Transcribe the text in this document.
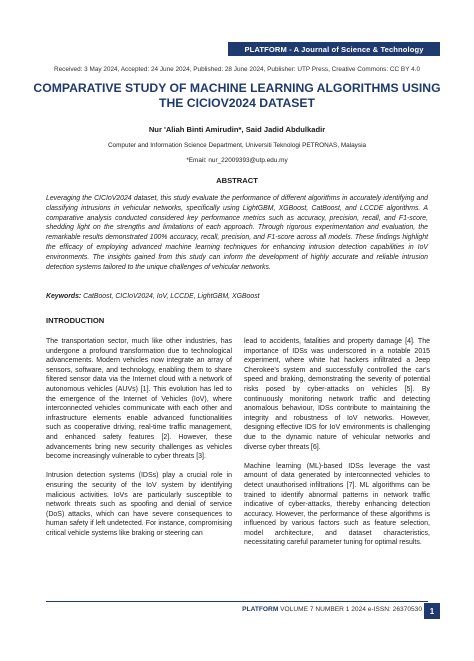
PLATFORM - A Journal of Science & Technology
Received: 3 May 2024, Accepted: 24 June 2024, Published: 28 June 2024, Publisher: UTP Press, Creative Commons: CC BY 4.0
COMPARATIVE STUDY OF MACHINE LEARNING ALGORITHMS USING THE CICIOV2024 DATASET
Nur 'Aliah Binti Amirudin*, Said Jadid Abdulkadir
Computer and Information Science Department, Universiti Teknologi PETRONAS, Malaysia
*Email: nur_22009393@utp.edu.my
ABSTRACT
Leveraging the CICIoV2024 dataset, this study evaluate the performance of different algorithms in accurately identifying and classifying intrusions in vehicular networks, specifically using LightGBM, XGBoost, CatBoost, and LCCDE algorithms. A comparative analysis conducted considered key performance metrics such as accuracy, precision, recall, and F1-score, shedding light on the strengths and limitations of each approach. Through rigorous experimentation and evaluation, the remarkable results demonstrated 100% accuracy, recall, precision, and F1-score across all models. These findings highlight the efficacy of employing advanced machine learning techniques for enhancing intrusion detection capabilities in IoV environments. The insights gained from this study can inform the development of highly accurate and reliable intrusion detection systems tailored to the unique challenges of vehicular networks.
Keywords: CatBoost, CICIoV2024, IoV, LCCDE, LightGBM, XGBoost
INTRODUCTION

The transportation sector, much like other industries, has undergone a profound transformation due to technological advancements. Modern vehicles now integrate an array of sensors, software, and technology, enabling them to share filtered sensor data via the Internet cloud with a network of autonomous vehicles (AUVs) [1]. This evolution has led to the emergence of the Internet of Vehicles (IoV), where interconnected vehicles communicate with each other and infrastructure elements enable advanced functionalities such as cooperative driving, real-time traffic management, and enhanced safety features [2]. However, these advancements bring new security challenges as vehicles become increasingly vulnerable to cyber threats [3].

Intrusion detection systems (IDSs) play a crucial role in ensuring the security of the IoV system by identifying malicious activities. IoVs are particularly susceptible to network threats such as spoofing and denial of service (DoS) attacks, which can have severe consequences to human safety if left undetected. For instance, compromising critical vehicle systems like braking or steering can

lead to accidents, fatalities and property damage [4]. The importance of IDSs was underscored in a notable 2015 experiment, where white hat hackers infiltrated a Jeep Cherokee's system and successfully controlled the car's speed and braking, demonstrating the severity of potential risks posed by cyber-attacks on vehicles [5]. By continuously monitoring network traffic and detecting anomalous behaviour, IDSs contribute to maintaining the integrity and robustness of IoV networks. However, designing effective IDS for IoV environments is challenging due to the dynamic nature of vehicular networks and diverse cyber threats [6].

Machine learning (ML)-based IDSs leverage the vast amount of data generated by interconnected vehicles to detect unauthorised infiltrations [7]. ML algorithms can be trained to identify abnormal patterns in network traffic indicative of cyber-attacks, thereby enhancing detection accuracy. However, the performance of these algorithms is influenced by various factors such as feature selection, model architecture, and dataset characteristics, necessitating careful parameter tuning for optimal results.

PLATFORM VOLUME 7 NUMBER 1 2024 e-ISSN: 26370530 1
